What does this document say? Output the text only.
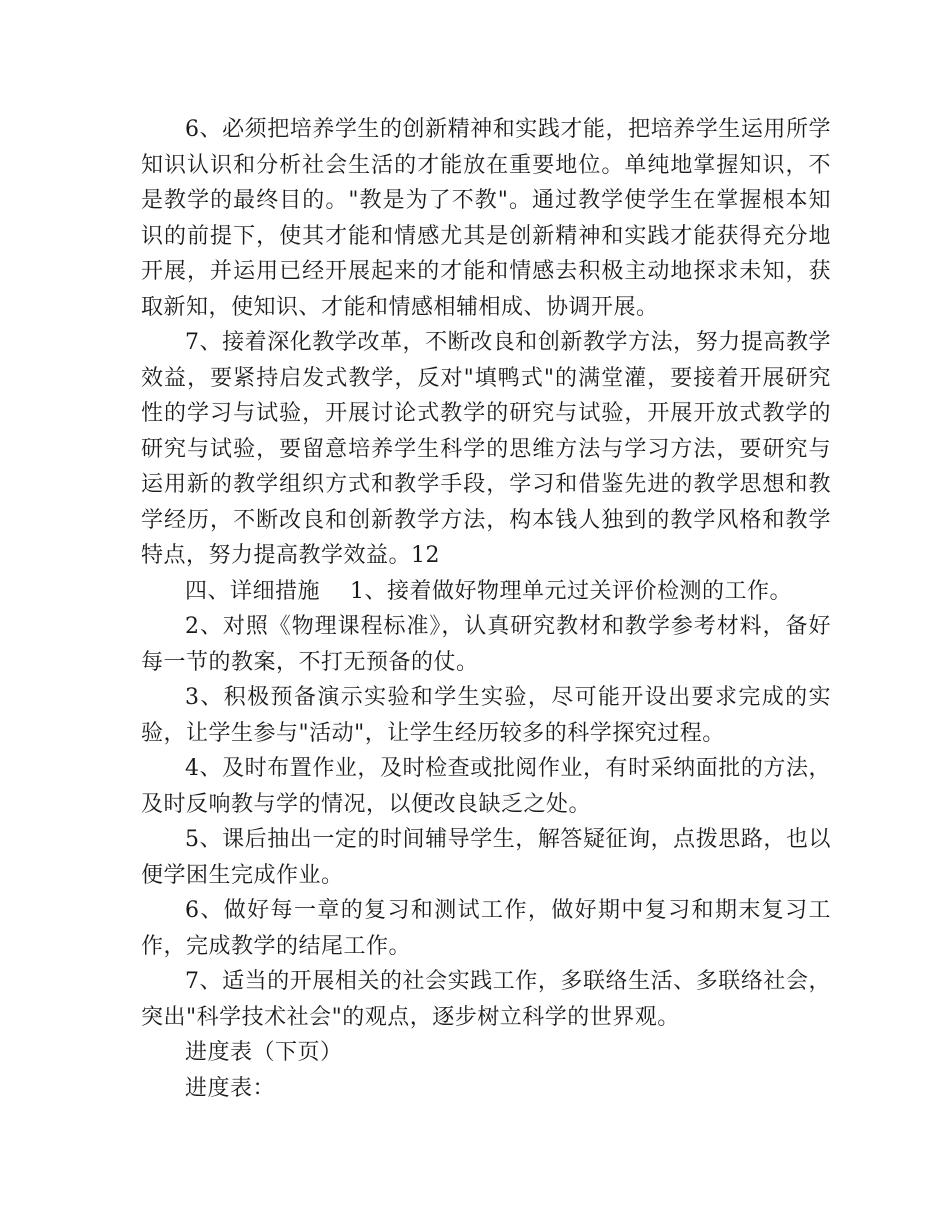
6、必须把培养学生的创新精神和实践才能，把培养学生运用所学知识认识和分析社会生活的才能放在重要地位。单纯地掌握知识，不是教学的最终目的。"教是为了不教"。通过教学使学生在掌握根本知识的前提下，使其才能和情感尤其是创新精神和实践才能获得充分地开展，并运用已经开展起来的才能和情感去积极主动地探求未知，获取新知，使知识、才能和情感相辅相成、协调开展。

7、接着深化教学改革，不断改良和创新教学方法，努力提高教学效益，要紧持启发式教学，反对"填鸭式"的满堂灌，要接着开展研究性的学习与试验，开展讨论式教学的研究与试验，开展开放式教学的研究与试验，要留意培养学生科学的思维方法与学习方法，要研究与运用新的教学组织方式和教学手段，学习和借鉴先进的教学思想和教学经历，不断改良和创新教学方法，构本钱人独到的教学风格和教学特点，努力提高教学效益。12

四、详细措施 1、接着做好物理单元过关评价检测的工作。

2、对照《物理课程标准》，认真研究教材和教学参考材料，备好每一节的教案，不打无预备的仗。

3、积极预备演示实验和学生实验，尽可能开设出要求完成的实验，让学生参与"活动"，让学生经历较多的科学探究过程。

4、及时布置作业，及时检查或批阅作业，有时采纳面批的方法，及时反响教与学的情况，以便改良缺乏之处。

5、课后抽出一定的时间辅导学生，解答疑征询，点拨思路，也以便学困生完成作业。

6、做好每一章的复习和测试工作，做好期中复习和期末复习工作，完成教学的结尾工作。

7、适当的开展相关的社会实践工作，多联络生活、多联络社会，突出"科学技术社会"的观点，逐步树立科学的世界观。

进度表（下页）

进度表：
